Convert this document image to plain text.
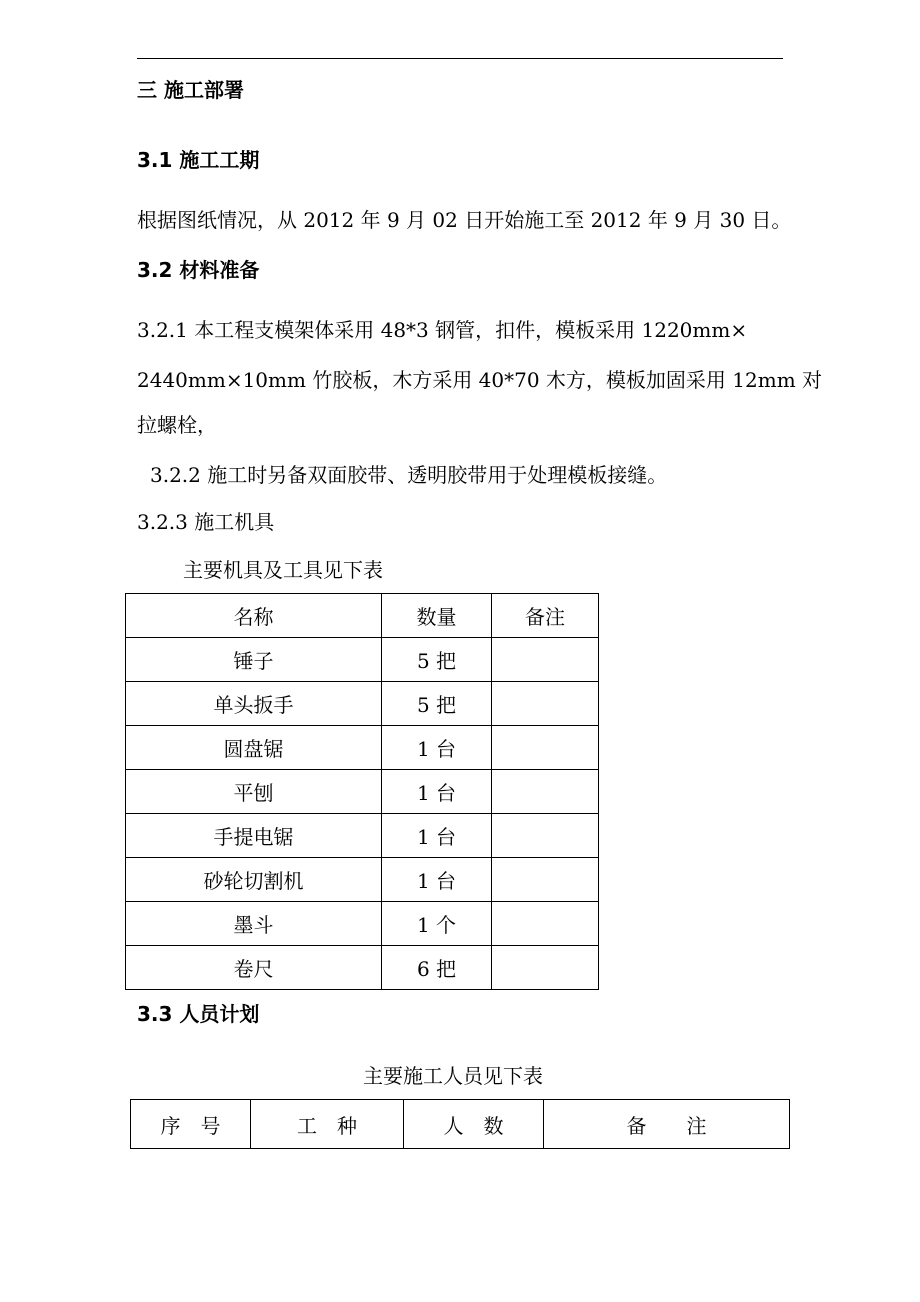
三 施工部署
3.1 施工工期
根据图纸情况，从 2012 年 9 月 02 日开始施工至 2012 年 9 月 30 日。
3.2 材料准备
3.2.1 本工程支模架体采用 48*3 钢管，扣件，模板采用 1220mm×
2440mm×10mm 竹胶板，木方采用 40*70 木方，模板加固采用 12mm 对
拉螺栓，
3.2.2 施工时另备双面胶带、透明胶带用于处理模板接缝。
3.2.3 施工机具
主要机具及工具见下表
名称	数量	备注
锤子	5 把	
单头扳手	5 把	
圆盘锯	1 台	
平刨	1 台	
手提电锯	1 台	
砂轮切割机	1 台	
墨斗	1 个	
卷尺	6 把	
3.3 人员计划
主要施工人员见下表
序　号	工　种	人　数	备　　注
